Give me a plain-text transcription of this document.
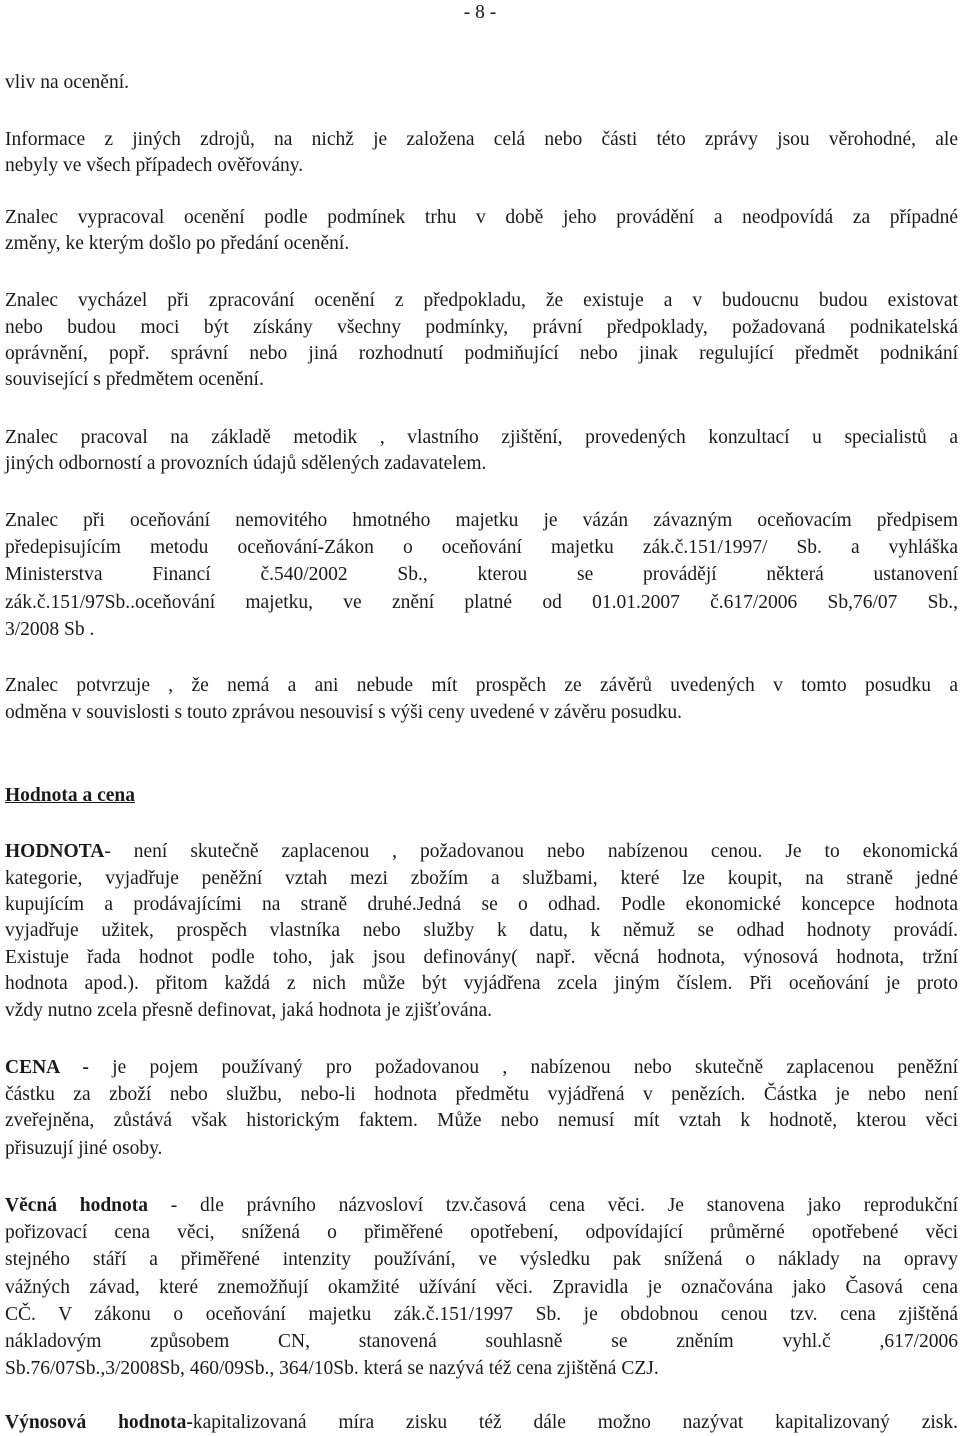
- 8 -
vliv na ocenění.
Informace z jiných zdrojů, na nichž je založena celá nebo části této zprávy jsou věrohodné, ale
nebyly ve všech případech ověřovány.
Znalec vypracoval ocenění podle podmínek trhu v době jeho provádění a neodpovídá za případné
změny, ke kterým došlo po předání ocenění.
Znalec vycházel při zpracování ocenění z předpokladu, že existuje a v budoucnu budou existovat
nebo budou moci být získány všechny podmínky, právní předpoklady, požadovaná podnikatelská
oprávnění, popř. správní nebo jiná rozhodnutí podmiňující nebo jinak regulující předmět podnikání
související s předmětem ocenění.
Znalec pracoval na základě metodik , vlastního zjištění, provedených konzultací u specialistů a
jiných odborností a provozních údajů sdělených zadavatelem.
Znalec při oceňování nemovitého hmotného majetku je vázán závazným oceňovacím předpisem
předepisujícím metodu oceňování-Zákon o oceňování majetku zák.č.151/1997/ Sb. a vyhláška
Ministerstva Financí č.540/2002 Sb., kterou se provádějí některá ustanovení
zák.č.151/97Sb..oceňování majetku, ve znění platné od 01.01.2007 č.617/2006 Sb,76/07 Sb.,
3/2008 Sb .
Znalec potvrzuje , že nemá a ani nebude mít prospěch ze závěrů uvedených v tomto posudku a
odměna v souvislosti s touto zprávou nesouvisí s výši ceny uvedené v závěru posudku.
Hodnota a cena
HODNOTA- není skutečně zaplacenou , požadovanou nebo nabízenou cenou. Je to ekonomická
kategorie, vyjadřuje peněžní vztah mezi zbožím a službami, které lze koupit, na straně jedné
kupujícím a prodávajícími na straně druhé.Jedná se o odhad. Podle ekonomické koncepce hodnota
vyjadřuje užitek, prospěch vlastníka nebo služby k datu, k němuž se odhad hodnoty provádí.
Existuje řada hodnot podle toho, jak jsou definovány( např. věcná hodnota, výnosová hodnota, tržní
hodnota apod.). přitom každá z nich může být vyjádřena zcela jiným číslem. Při oceňování je proto
vždy nutno zcela přesně definovat, jaká hodnota je zjišťována.
CENA - je pojem používaný pro požadovanou , nabízenou nebo skutečně zaplacenou peněžní
částku za zboží nebo službu, nebo-li hodnota předmětu vyjádřená v penězích. Částka je nebo není
zveřejněna, zůstává však historickým faktem. Může nebo nemusí mít vztah k hodnotě, kterou věci
přisuzují jiné osoby.
Věcná hodnota - dle právního názvosloví tzv.časová cena věci. Je stanovena jako reprodukční
pořizovací cena věci, snížená o přiměřené opotřebení, odpovídající průměrné opotřebené věci
stejného stáří a přiměřené intenzity používání, ve výsledku pak snížená o náklady na opravy
vážných závad, které znemožňují okamžité užívání věci. Zpravidla je označována jako Časová cena
CČ. V zákonu o oceňování majetku zák.č.151/1997 Sb. je obdobnou cenou tzv. cena zjištěná
nákladovým způsobem CN, stanovená souhlasně se zněním vyhl.č ,617/2006
Sb.76/07Sb.,3/2008Sb, 460/09Sb., 364/10Sb. která se nazývá též cena zjištěná CZJ.
Výnosová hodnota-kapitalizovaná míra zisku též dále možno nazývat kapitalizovaný zisk.
